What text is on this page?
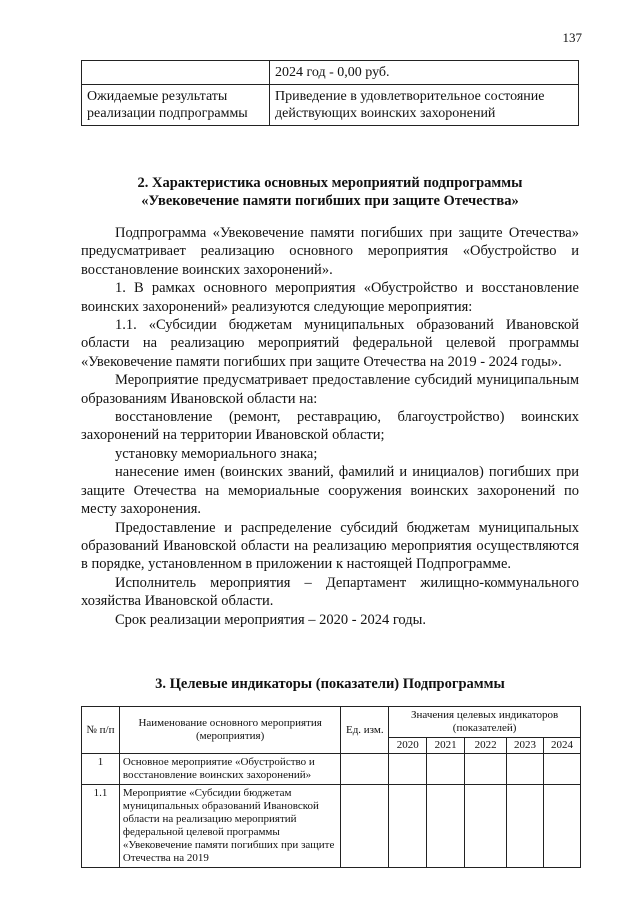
137
	2024 год - 0,00 руб.
Ожидаемые результаты реализации подпрограммы	Приведение в удовлетворительное состояние действующих воинских захоронений
2. Характеристика основных мероприятий подпрограммы
«Увековечение памяти погибших при защите Отечества»

Подпрограмма «Увековечение памяти погибших при защите Отечества» предусматривает реализацию основного мероприятия «Обустройство и восстановление воинских захоронений».

1. В рамках основного мероприятия «Обустройство и восстановление воинских захоронений» реализуются следующие мероприятия:

1.1. «Субсидии бюджетам муниципальных образований Ивановской области на реализацию мероприятий федеральной целевой программы «Увековечение памяти погибших при защите Отечества на 2019 - 2024 годы».

Мероприятие предусматривает предоставление субсидий муниципальным образованиям Ивановской области на:

восстановление (ремонт, реставрацию, благоустройство) воинских захоронений на территории Ивановской области;

установку мемориального знака;

нанесение имен (воинских званий, фамилий и инициалов) погибших при защите Отечества на мемориальные сооружения воинских захоронений по месту захоронения.

Предоставление и распределение субсидий бюджетам муниципальных образований Ивановской области на реализацию мероприятия осуществляются в порядке, установленном в приложении к настоящей Подпрограмме.

Исполнитель мероприятия – Департамент жилищно-коммунального хозяйства Ивановской области.

Срок реализации мероприятия – 2020 - 2024 годы.

3. Целевые индикаторы (показатели) Подпрограммы
№ п/п	Наименование основного мероприятия (мероприятия)	Ед. изм.	Значения целевых индикаторов (показателей)				
			2020	2021	2022	2023	2024
1	Основное мероприятие «Обустройство и восстановление воинских захоронений»						
1.1	Мероприятие «Субсидии бюджетам муниципальных образований Ивановской области на реализацию мероприятий федеральной целевой программы «Увековечение памяти погибших при защите Отечества на 2019						
